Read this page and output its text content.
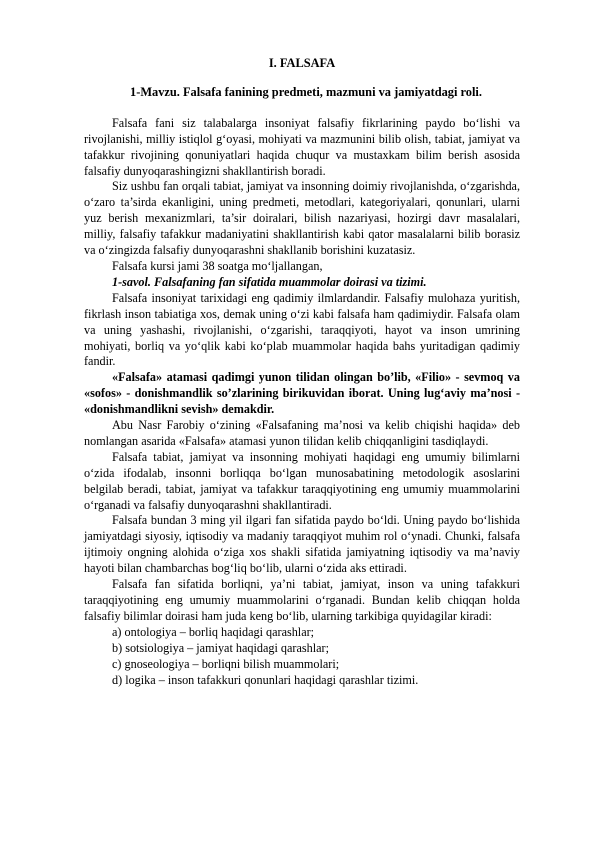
I. FALSAFA
1-Mavzu. Falsafa fanining predmeti, mazmuni va jamiyatdagi roli.

Falsafa fani siz talabalarga insoniyat falsafiy fikrlarining paydo bo‘lishi va rivojlanishi, milliy istiqlol g‘oyasi, mohiyati va mazmunini bilib olish, tabiat, jamiyat va tafakkur rivojining qonuniyatlari haqida chuqur va mustaxkam bilim berish asosida falsafiy dunyoqarashingizni shakllantirish boradi.

Siz ushbu fan orqali tabiat, jamiyat va insonning doimiy rivojlanishda, o‘zgarishda, o‘zaro ta’sirda ekanligini, uning predmeti, metodlari, kategoriyalari, qonunlari, ularni yuz berish mexanizmlari, ta’sir doiralari, bilish nazariyasi, hozirgi davr masalalari, milliy, falsafiy tafakkur madaniyatini shakllantirish kabi qator masalalarni bilib borasiz va o‘zingizda falsafiy dunyoqarashni shakllanib borishini kuzatasiz.

Falsafa kursi jami 38 soatga mo‘ljallangan,

1-savol. Falsafaning fan sifatida muammolar doirasi va tizimi.

Falsafa insoniyat tarixidagi eng qadimiy ilmlardandir. Falsafiy mulohaza yuritish, fikrlash inson tabiatiga xos, demak uning o‘zi kabi falsafa ham qadimiydir. Falsafa olam va uning yashashi, rivojlanishi, o‘zgarishi, taraqqiyoti, hayot va inson umrining mohiyati, borliq va yo‘qlik kabi ko‘plab muammolar haqida bahs yuritadigan qadimiy fandir.

«Falsafa» atamasi qadimgi yunon tilidan olingan bo’lib, «Filio» - sevmoq va «sofos» - donishmandlik so’zlarining birikuvidan iborat. Uning lug‘aviy ma’nosi - «donishmandlikni sevish» demakdir.

Abu Nasr Farobiy o‘zining «Falsafaning ma’nosi va kelib chiqishi haqida» deb nomlangan asarida «Falsafa» atamasi yunon tilidan kelib chiqqanligini tasdiqlaydi.

Falsafa tabiat, jamiyat va insonning mohiyati haqidagi eng umumiy bilimlarni o‘zida ifodalab, insonni borliqqa bo‘lgan munosabatining metodologik asoslarini belgilab beradi, tabiat, jamiyat va tafakkur taraqqiyotining eng umumiy muammolarini o‘rganadi va falsafiy dunyoqarashni shakllantiradi.

Falsafa bundan 3 ming yil ilgari fan sifatida paydo bo‘ldi. Uning paydo bo‘lishida jamiyatdagi siyosiy, iqtisodiy va madaniy taraqqiyot muhim rol o‘ynadi. Chunki, falsafa ijtimoiy ongning alohida o‘ziga xos shakli sifatida jamiyatning iqtisodiy va ma’naviy hayoti bilan chambarchas bog‘liq bo‘lib, ularni o‘zida aks ettiradi.

Falsafa fan sifatida borliqni, ya’ni tabiat, jamiyat, inson va uning tafakkuri taraqqiyotining eng umumiy muammolarini o‘rganadi. Bundan kelib chiqqan holda falsafiy bilimlar doirasi ham juda keng bo‘lib, ularning tarkibiga quyidagilar kiradi:

a) ontologiya – borliq haqidagi qarashlar;

b) sotsiologiya – jamiyat haqidagi qarashlar;

c) gnoseologiya – borliqni bilish muammolari;

d) logika – inson tafakkuri qonunlari haqidagi qarashlar tizimi.
